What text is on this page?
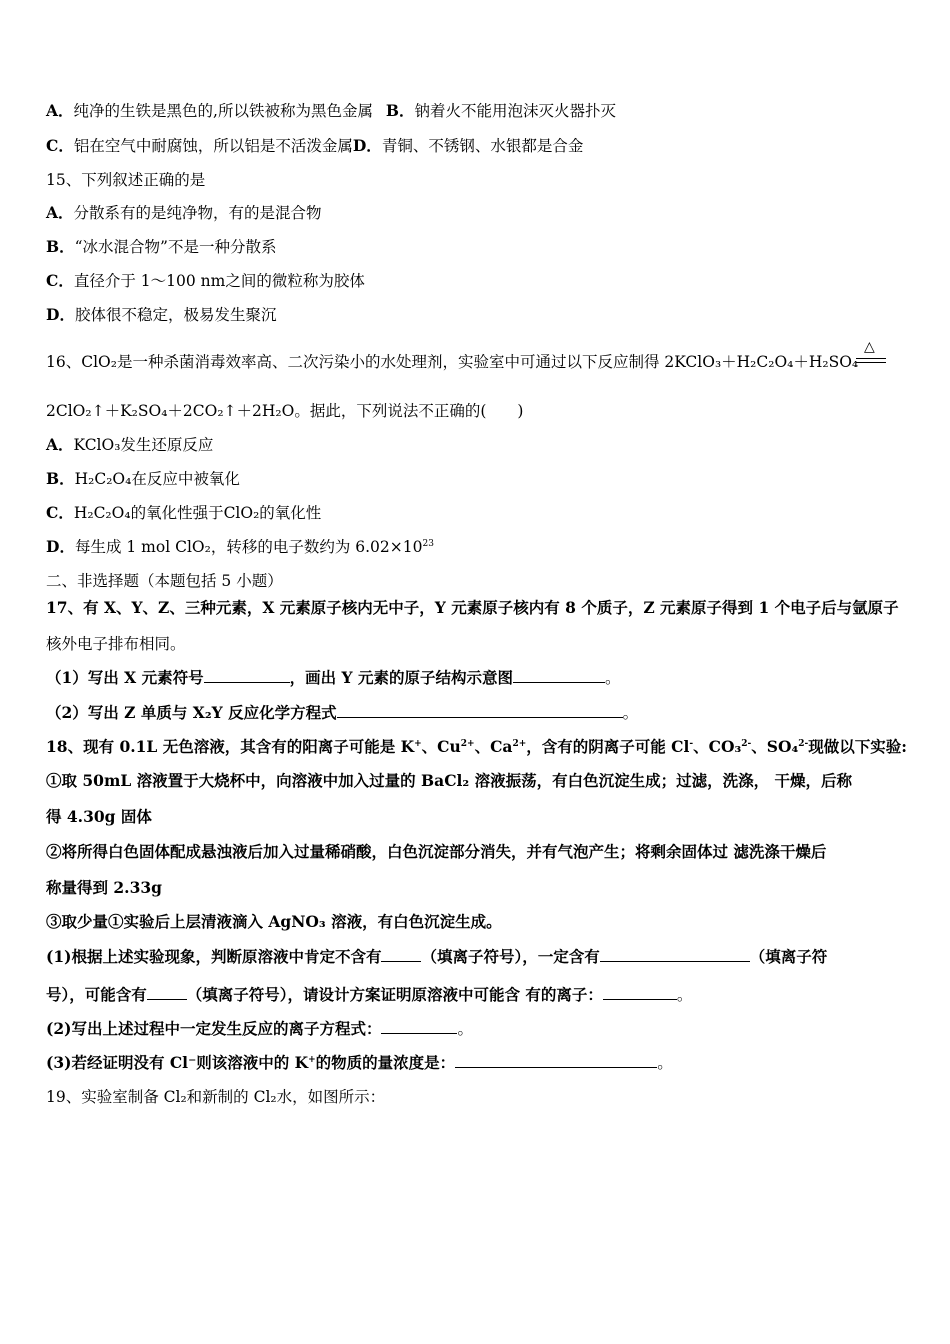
A．纯净的生铁是黑色的,所以铁被称为黑色金属 B．钠着火不能用泡沫灭火器扑灭
C．铝在空气中耐腐蚀，所以铝是不活泼金属D．青铜、不锈钢、水银都是合金
15、下列叙述正确的是
A．分散系有的是纯净物，有的是混合物
B．“冰水混合物”不是一种分散系
C．直径介于 1～100 nm之间的微粒称为胶体
D．胶体很不稳定，极易发生聚沉
16、ClO₂是一种杀菌消毒效率高、二次污染小的水处理剂，实验室中可通过以下反应制得 2KClO₃＋H₂C₂O₄＋H₂SO₄
△
2ClO₂↑＋K₂SO₄＋2CO₂↑＋2H₂O。据此，下列说法不正确的(　　)
A．KClO₃发生还原反应
B．H₂C₂O₄在反应中被氧化
C．H₂C₂O₄的氧化性强于ClO₂的氧化性
D．每生成 1 mol ClO₂，转移的电子数约为 $6.02\times 10^{23}$
二、非选择题（本题包括 5 小题）
17、有 X、Y、Z、三种元素，X 元素原子核内无中子，Y 元素原子核内有 8 个质子，Z 元素原子得到 1 个电子后与氩原子
核外电子排布相同。
（1）写出 X 元素符号	，画出 Y 元素的原子结构示意图	。
（2）写出 Z 单质与 X₂Y 反应化学方程式	。
18、现有 0.1L 无色溶液，其含有的阳离子可能是 K+、$Cu^{2+}$、$Ca^{2+}$，含有的阴离子可能 Cl-、CO₃$^{2-}$、SO₄$^{2-}$现做以下实验:
①取 50mL 溶液置于大烧杯中，向溶液中加入过量的 BaCl₂ 溶液振荡，有白色沉淀生成；过滤，洗涤， 干燥，后称
得 4.30g 固体
②将所得白色固体配成悬浊液后加入过量稀硝酸，白色沉淀部分消失，并有气泡产生；将剩余固体过 滤洗涤干燥后
称量得到 2.33g
③取少量①实验后上层清液滴入 AgNO₃ 溶液，有白色沉淀生成。
(1)根据上述实验现象，判断原溶液中肯定不含有	（填离子符号），一定含有	（填离子符
号），可能含有	（填离子符号），请设计方案证明原溶液中可能含 有的离子：	。
(2)写出上述过程中一定发生反应的离子方程式：	。
(3)若经证明没有 Cl⁻则该溶液中的 K+的物质的量浓度是：	。
19、实验室制备 Cl₂和新制的 Cl₂水，如图所示：
